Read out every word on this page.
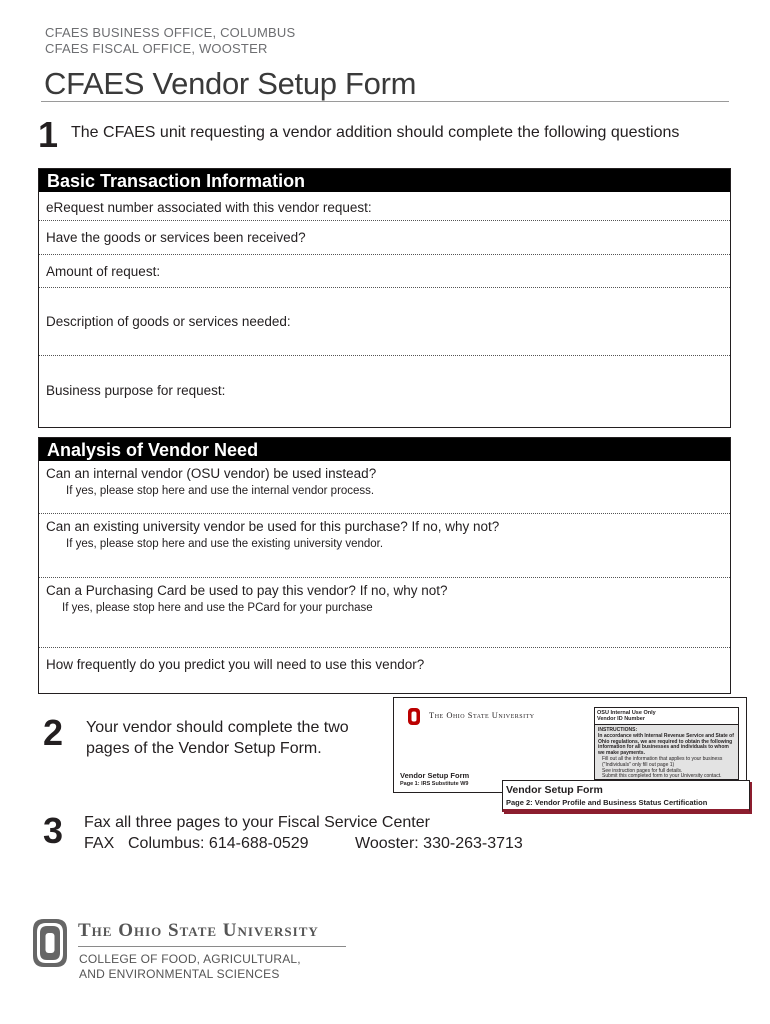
CFAES BUSINESS OFFICE, COLUMBUS
CFAES FISCAL OFFICE, WOOSTER
CFAES Vendor Setup Form
1 The CFAES unit requesting a vendor addition should complete the following questions
Basic Transaction Information
eRequest number associated with this vendor request:
Have the goods or services been received?
Amount of request:
Description of goods or services needed:
Business purpose for request:
Analysis of Vendor Need
Can an internal vendor (OSU vendor) be used instead?
If yes, please stop here and use the internal vendor process.
Can an existing university vendor be used for this purchase? If no, why not?
If yes, please stop here and use the existing university vendor.
Can a Purchasing Card be used to pay this vendor? If no, why not?
If yes, please stop here and use the PCard for your purchase
How frequently do you predict you will need to use this vendor?
2 Your vendor should complete the two
pages of the Vendor Setup Form.
The Ohio State University	OSU Internal Use Only
Vendor ID Number
INSTRUCTIONS:
In accordance with Internal Revenue Service and State of Ohio regulations, we are required to obtain the following information for all businesses and individuals to whom we make payments.
Fill out all the information that applies to your business ("Individuals" only fill out page 1)
See instruction pages for full details.
Submit this completed form to your University contact.
Vendor Setup Form
Page 1: IRS Substitute W9	Vendor Setup Form
Page 2: Vendor Profile and Business Status Certification
3 Fax all three pages to your Fiscal Service Center
FAX Columbus: 614-688-0529	Wooster: 330-263-3713
The Ohio State University
COLLEGE OF FOOD, AGRICULTURAL,
AND ENVIRONMENTAL SCIENCES
